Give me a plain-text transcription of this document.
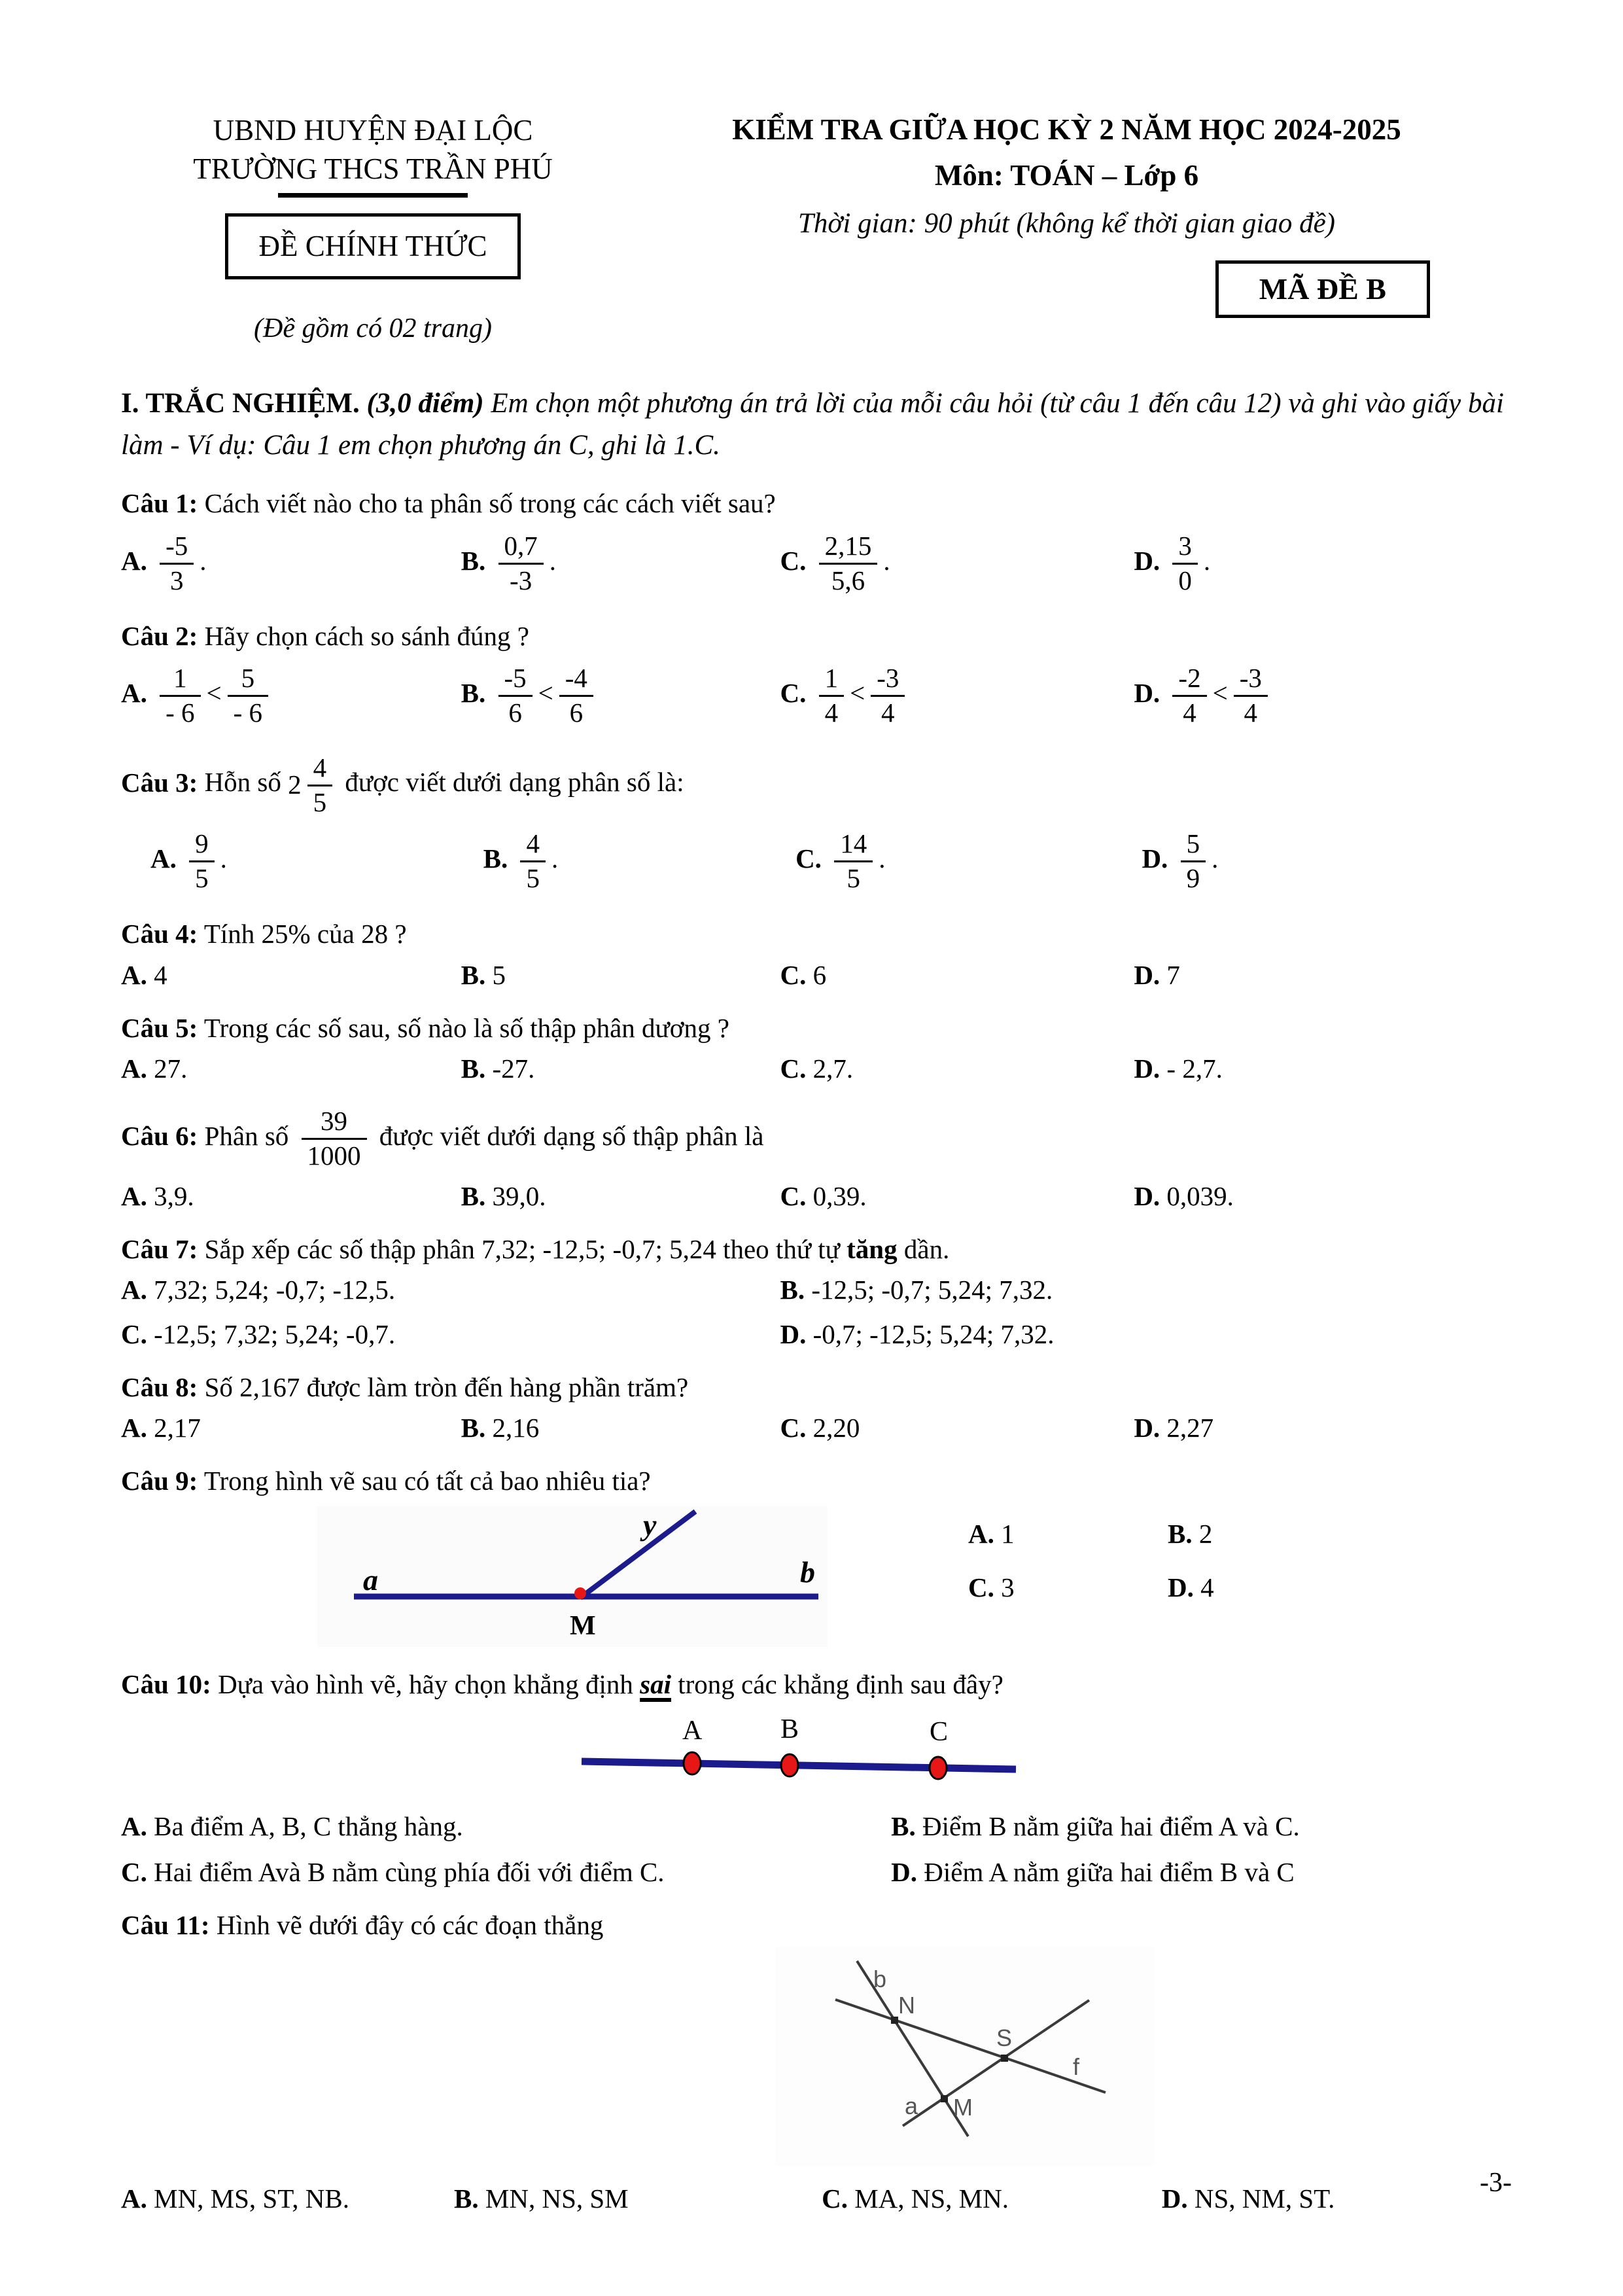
UBND HUYỆN ĐẠI LỘC
TRƯỜNG THCS TRẦN PHÚ
ĐỀ CHÍNH THỨC
(Đề gồm có 02 trang)
KIỂM TRA GIỮA HỌC KỲ 2 NĂM HỌC 2024-2025
Môn: TOÁN – Lớp 6
Thời gian: 90 phút (không kể thời gian giao đề)
MÃ ĐỀ B

I. TRẮC NGHIỆM. (3,0 điểm) Em chọn một phương án trả lời của mỗi câu hỏi (từ câu 1 đến câu 12) và ghi vào giấy bài làm - Ví dụ: Câu 1 em chọn phương án C, ghi là 1.C.

Câu 1: Cách viết nào cho ta phân số trong các cách viết sau?
A. $\frac{-5}{3}$ .	B. $\frac{0,7}{-3}$ .	C. $\frac{2,15}{5,6}$ .	D. $\frac{3}{0}$ .
Câu 2: Hãy chọn cách so sánh đúng ?
A. $\frac{1}{- 6} < \frac{5}{- 6}$	B. $\frac{-5}{6} < \frac{-4}{6}$	C. $\frac{1}{4} < \frac{-3}{4}$	D. $\frac{-2}{4} < \frac{-3}{4}$
Câu 3: Hỗn số $2 \frac{4}{5}$ được viết dưới dạng phân số là:
A. $\frac{9}{5}$ .	B. $\frac{4}{5}$ .	C. $\frac{14}{5}$ .	D. $\frac{5}{9}$ .
Câu 4: Tính 25% của 28 ?
A. 4	B. 5	C. 6	D. 7
Câu 5: Trong các số sau, số nào là số thập phân dương ?
A. 27.	B. -27.	C. 2,7.	D. - 2,7.
Câu 6: Phân số $\frac{39}{1000}$ được viết dưới dạng số thập phân là
A. 3,9.	B. 39,0.	C. 0,39.	D. 0,039.
Câu 7: Sắp xếp các số thập phân 7,32; -12,5; -0,7; 5,24 theo thứ tự tăng dần.
A. 7,32; 5,24; -0,7; -12,5.	B. -12,5; -0,7; 5,24; 7,32.
C. -12,5; 7,32; 5,24; -0,7.	D. -0,7; -12,5; 5,24; 7,32.
Câu 8: Số 2,167 được làm tròn đến hàng phần trăm?
A. 2,17	B. 2,16	C. 2,20	D. 2,27
Câu 9: Trong hình vẽ sau có tất cả bao nhiêu tia?
a	b
y
M
A. 1	B. 2
C. 3	D. 4
Câu 10: Dựa vào hình vẽ, hãy chọn khẳng định sai trong các khẳng định sau đây?
A	B	C
A. Ba điểm A, B, C thẳng hàng.	B. Điểm B nằm giữa hai điểm A và C.
C. Hai điểm Avà B nằm cùng phía đối với điểm C.	D. Điểm A nằm giữa hai điểm B và C
Câu 11: Hình vẽ dưới đây có các đoạn thẳng
b
N
S
f
a M
A. MN, MS, ST, NB.	B. MN, NS, SM	C. MA, NS, MN.	D. NS, NM, ST.
-3-
